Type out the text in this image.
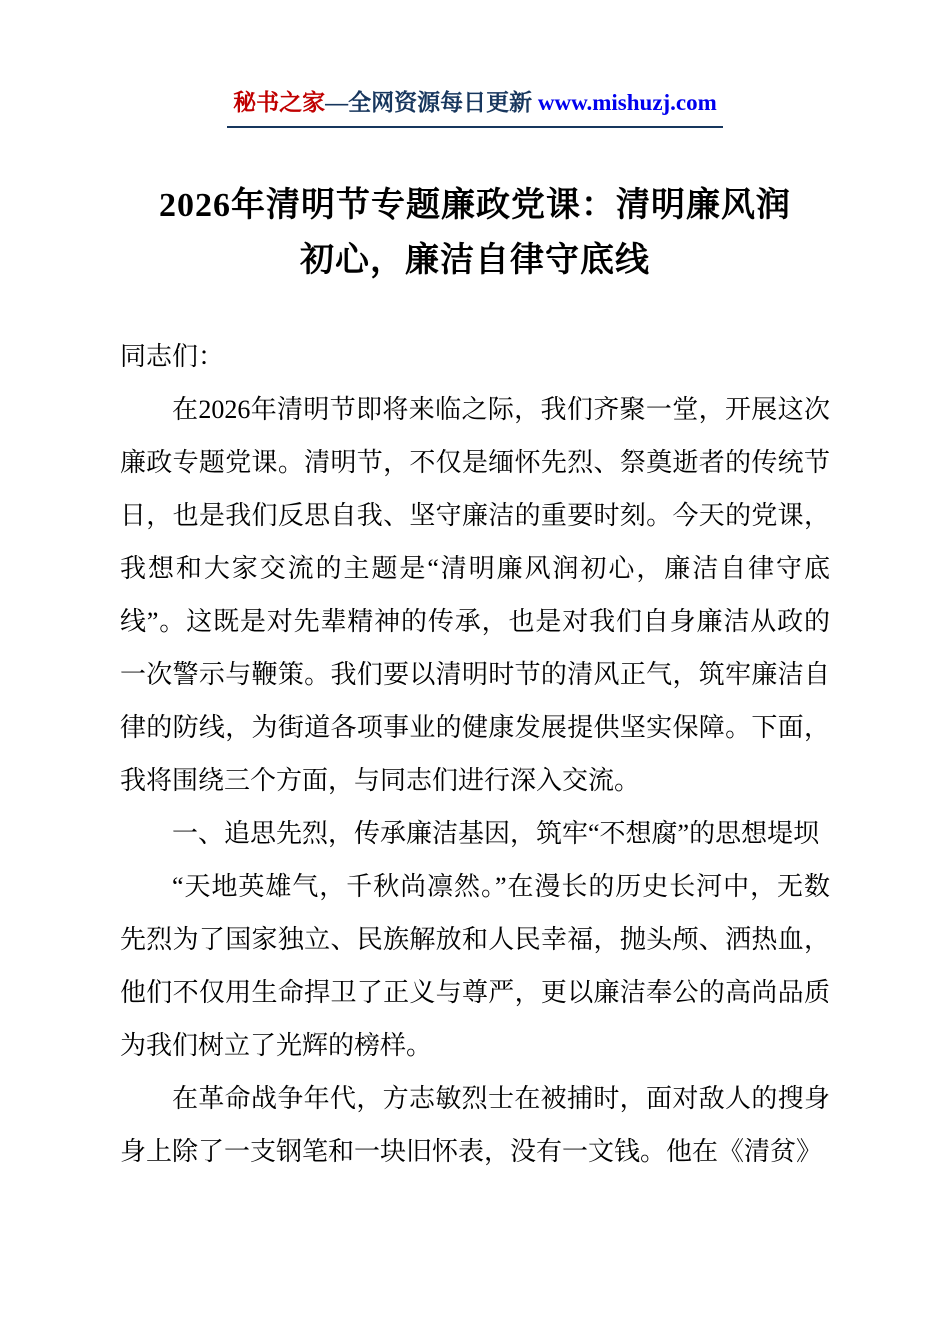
秘书之家—全网资源每日更新 www.mishuzj.com
2026年清明节专题廉政党课：清明廉风润初心，廉洁自律守底线

同志们：

在2026年清明节即将来临之际，我们齐聚一堂，开展这次廉政专题党课。清明节，不仅是缅怀先烈、祭奠逝者的传统节日，也是我们反思自我、坚守廉洁的重要时刻。今天的党课，我想和大家交流的主题是“清明廉风润初心，廉洁自律守底线”。这既是对先辈精神的传承，也是对我们自身廉洁从政的一次警示与鞭策。我们要以清明时节的清风正气，筑牢廉洁自律的防线，为街道各项事业的健康发展提供坚实保障。下面，我将围绕三个方面，与同志们进行深入交流。

一、追思先烈，传承廉洁基因，筑牢“不想腐”的思想堤坝

“天地英雄气，千秋尚凛然。”在漫长的历史长河中，无数先烈为了国家独立、民族解放和人民幸福，抛头颅、洒热血，他们不仅用生命捍卫了正义与尊严，更以廉洁奉公的高尚品质为我们树立了光辉的榜样。

在革命战争年代，方志敏烈士在被捕时，面对敌人的搜身身上除了一支钢笔和一块旧怀表，没有一文钱。他在《清贫》
